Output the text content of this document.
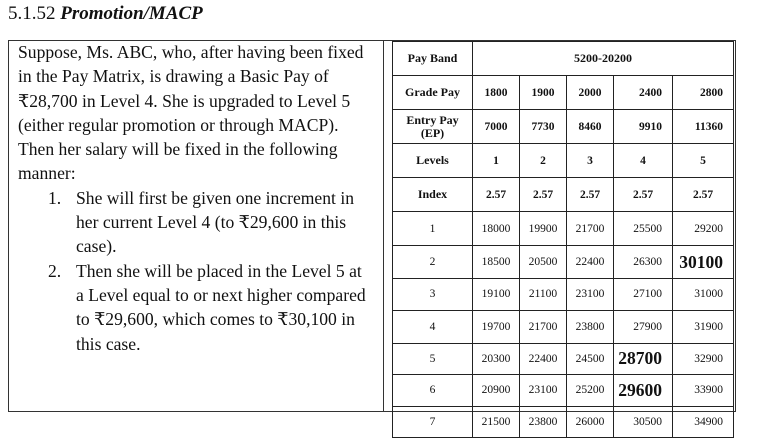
5.1.52 Promotion/MACP

Suppose, Ms. ABC, who, after having been fixed
in the Pay Matrix, is drawing a Basic Pay of
₹28,700 in Level 4. She is upgraded to Level 5
(either regular promotion or through MACP).
Then her salary will be fixed in the following
manner:

1. She will first be given one increment in
her current Level 4 (to ₹29,600 in this
case).
2. Then she will be placed in the Level 5 at
a Level equal to or next higher compared
to ₹29,600, which comes to ₹30,100 in
this case.
Pay Band	5200-20200				
Grade Pay	1800	1900	2000	2400	2800
Entry Pay
(EP)	7000	7730	8460	9910	11360
Levels	1	2	3	4	5
Index	2.57	2.57	2.57	2.57	2.57
1	18000	19900	21700	25500	29200
2	18500	20500	22400	26300	30100
3	19100	21100	23100	27100	31000
4	19700	21700	23800	27900	31900
5	20300	22400	24500	28700	32900
6	20900	23100	25200	29600	33900
7	21500	23800	26000	30500	34900
